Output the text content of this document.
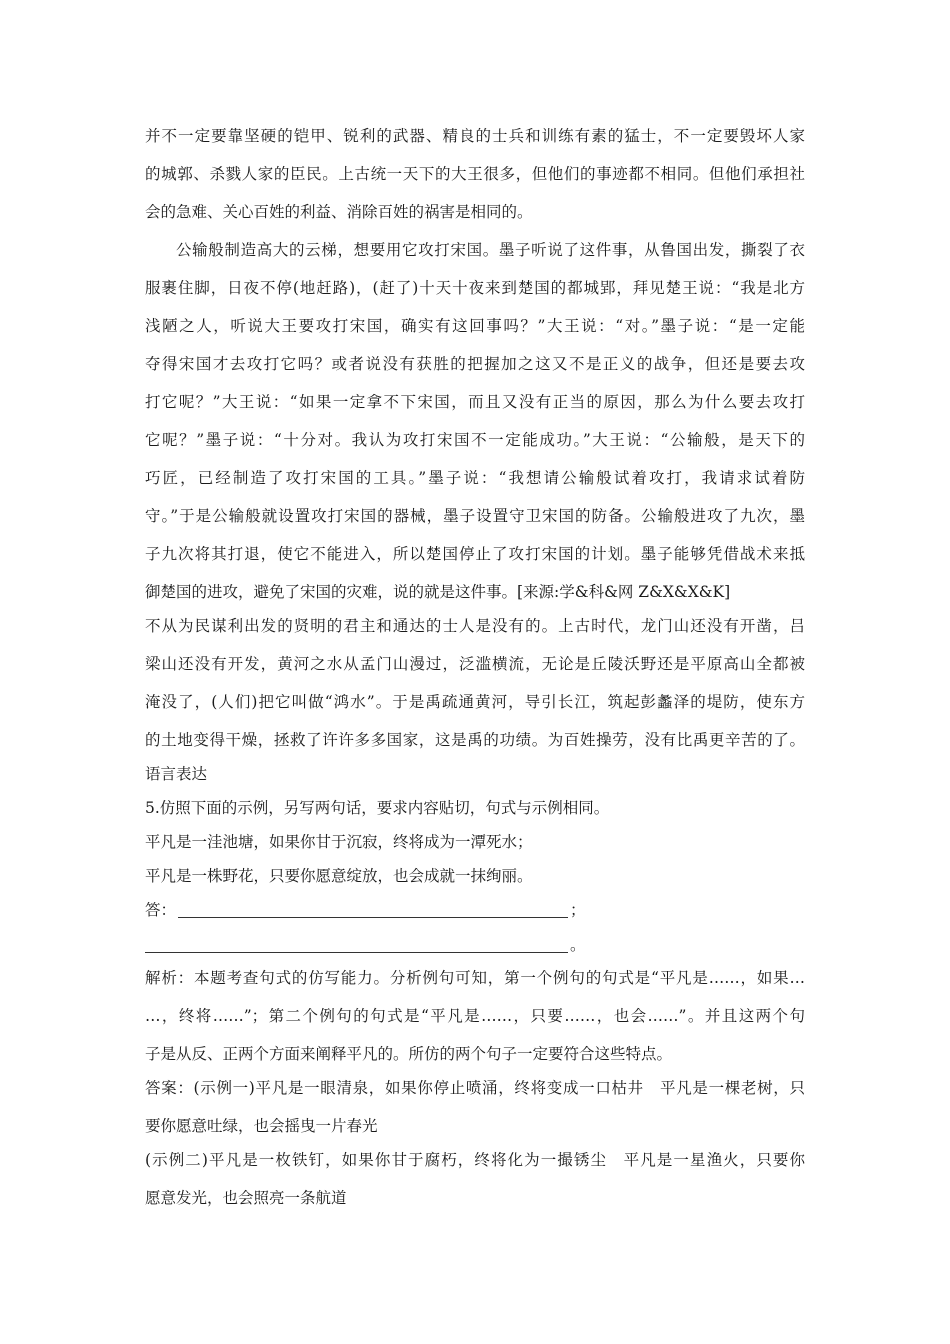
并不一定要靠坚硬的铠甲、锐利的武器、精良的士兵和训练有素的猛士，不一定要毁坏人家
的城郭、杀戮人家的臣民。上古统一天下的大王很多，但他们的事迹都不相同。但他们承担社
会的急难、关心百姓的利益、消除百姓的祸害是相同的。
公输般制造高大的云梯，想要用它攻打宋国。墨子听说了这件事，从鲁国出发，撕裂了衣
服裹住脚，日夜不停(地赶路)，(赶了)十天十夜来到楚国的都城郢，拜见楚王说：“我是北方
浅陋之人，听说大王要攻打宋国，确实有这回事吗？”大王说：“对。”墨子说：“是一定能
夺得宋国才去攻打它吗？或者说没有获胜的把握加之这又不是正义的战争，但还是要去攻
打它呢？”大王说：“如果一定拿不下宋国，而且又没有正当的原因，那么为什么要去攻打
它呢？”墨子说：“十分对。我认为攻打宋国不一定能成功。”大王说：“公输般，是天下的
巧匠，已经制造了攻打宋国的工具。”墨子说：“我想请公输般试着攻打，我请求试着防
守。”于是公输般就设置攻打宋国的器械，墨子设置守卫宋国的防备。公输般进攻了九次，墨
子九次将其打退，使它不能进入，所以楚国停止了攻打宋国的计划。墨子能够凭借战术来抵
御楚国的进攻，避免了宋国的灾难，说的就是这件事。[来源:学&科&网 Z&X&X&K]
不从为民谋利出发的贤明的君主和通达的士人是没有的。上古时代，龙门山还没有开凿，吕
梁山还没有开发，黄河之水从孟门山漫过，泛滥横流，无论是丘陵沃野还是平原高山全都被
淹没了，(人们)把它叫做“鸿水”。于是禹疏通黄河，导引长江，筑起彭蠡泽的堤防，使东方
的土地变得干燥，拯救了许许多多国家，这是禹的功绩。为百姓操劳，没有比禹更辛苦的了。
语言表达
5.仿照下面的示例，另写两句话，要求内容贴切，句式与示例相同。
平凡是一洼池塘，如果你甘于沉寂，终将成为一潭死水；
平凡是一株野花，只要你愿意绽放，也会成就一抹绚丽。
答：	；
。
解析：本题考查句式的仿写能力。分析例句可知，第一个例句的句式是“平凡是……，如果…
…，终将……”；第二个例句的句式是“平凡是……，只要……，也会……”。并且这两个句
子是从反、正两个方面来阐释平凡的。所仿的两个句子一定要符合这些特点。
答案：(示例一)平凡是一眼清泉，如果你停止喷涌，终将变成一口枯井　平凡是一棵老树，只
要你愿意吐绿，也会摇曳一片春光
(示例二)平凡是一枚铁钉，如果你甘于腐朽，终将化为一撮锈尘　平凡是一星渔火，只要你
愿意发光，也会照亮一条航道
